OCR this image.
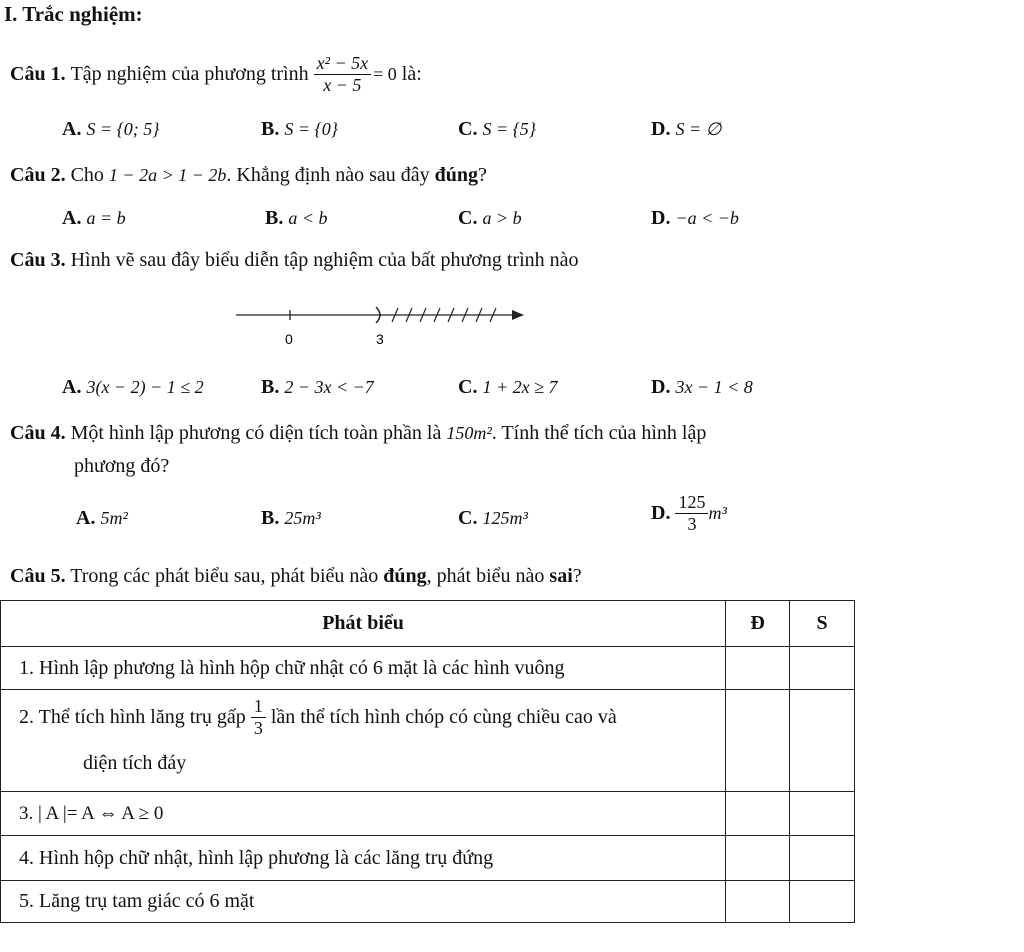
I. Trắc nghiệm:
Câu 1.
Tập nghiệm của phương trình
$\frac{\text{x² − 5x}}{x - 5} = 0$
là:
A. S = {0; 5}	B. S = {0}	C. S = {5}	D. S = ∅
Câu 2. Cho 1 − 2a > 1 − 2b. Khẳng định nào sau đây đúng?
A. a = b	B. a < b	C. a > b	D. −a < −b
Câu 3. Hình vẽ sau đây biểu diễn tập nghiệm của bất phương trình nào
0	3
A. 3(x − 2) − 1 ≤ 2	B. 2 − 3x < −7	C. 1 + 2x ≥ 7	D. 3x − 1 < 8
Câu 4. Một hình lập phương có diện tích toàn phần là 150m². Tính thể tích của hình lập
phương đó?
A. 5m²	B. 25m³	C. 125m³	D.
$\frac{125}{3} m^3$
Câu 5. Trong các phát biểu sau, phát biểu nào đúng, phát biểu nào sai?
Phát biểu	Đ	S
1. Hình lập phương là hình hộp chữ nhật có 6 mặt là các hình vuông		

2. Thể tích hình lăng trụ gấp
$\frac{1}{3}$
lần thể tích hình chóp có cùng chiều cao và
diện tích đáy		

3. | A |= A ⇔ A ≥ 0		
4. Hình hộp chữ nhật, hình lập phương là các lăng trụ đứng		
5. Lăng trụ tam giác có 6 mặt		
